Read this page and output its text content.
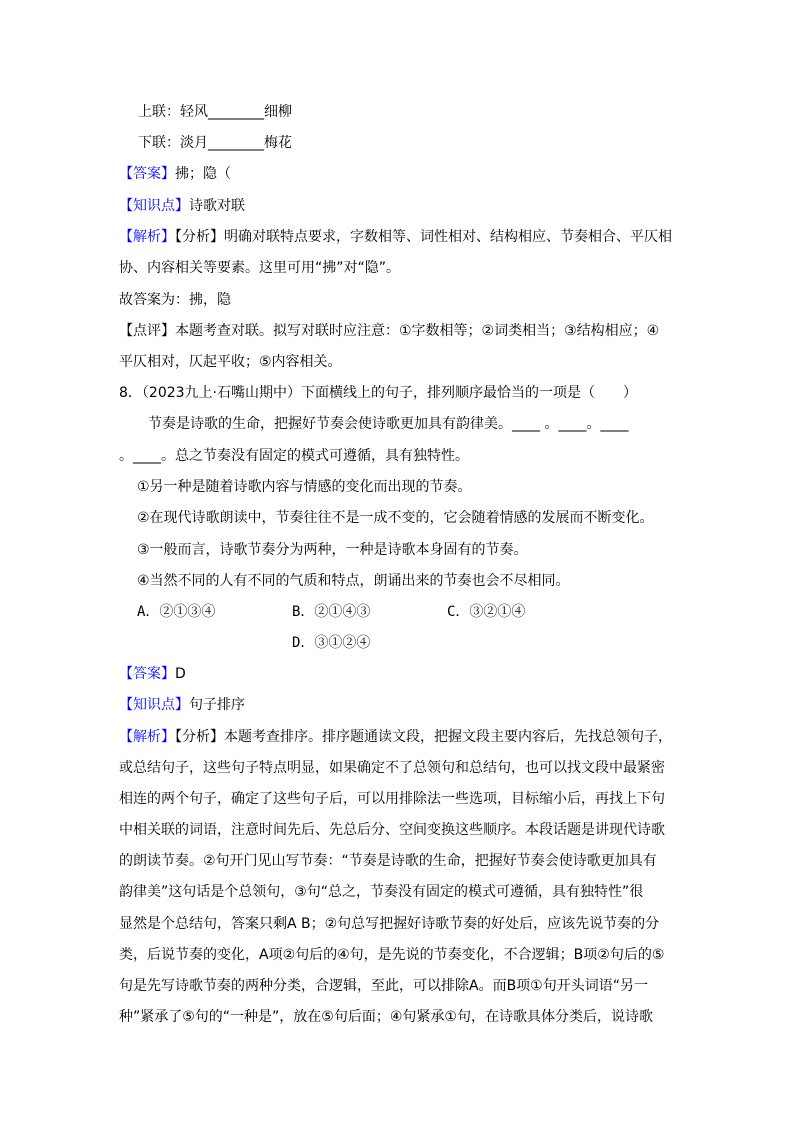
上联：轻风________细柳
下联：淡月________梅花
【答案】拂；隐（
【知识点】诗歌对联
【解析】【分析】明确对联特点要求，字数相等、词性相对、结构相应、节奏相合、平仄相
协、内容相关等要素。这里可用“拂”对“隐”。
故答案为：拂，隐
【点评】本题考查对联。拟写对联时应注意：①字数相等；②词类相当；③结构相应；④
平仄相对，仄起平收；⑤内容相关。
8．（2023九上·石嘴山期中）下面横线上的句子，排列顺序最恰当的一项是（　　）
节奏是诗歌的生命，把握好节奏会使诗歌更加具有韵律美。____ 。____。____
。____。总之节奏没有固定的模式可遵循，具有独特性。
①另一种是随着诗歌内容与情感的变化而出现的节奏。
②在现代诗歌朗读中，节奏往往不是一成不变的，它会随着情感的发展而不断变化。
③一般而言，诗歌节奏分为两种，一种是诗歌本身固有的节奏。
④当然不同的人有不同的气质和特点，朗诵出来的节奏也会不尽相同。
A．②①③④	B．②①④③	C．③②①④
D．③①②④
【答案】D
【知识点】句子排序
【解析】【分析】本题考查排序。排序题通读文段，把握文段主要内容后，先找总领句子，
或总结句子，这些句子特点明显，如果确定不了总领句和总结句，也可以找文段中最紧密
相连的两个句子，确定了这些句子后，可以用排除法一些选项，目标缩小后，再找上下句
中相关联的词语，注意时间先后、先总后分、空间变换这些顺序。本段话题是讲现代诗歌
的朗读节奏。②句开门见山写节奏：“节奏是诗歌的生命，把握好节奏会使诗歌更加具有
韵律美”这句话是个总领句，③句“总之，节奏没有固定的模式可遵循，具有独特性”很
显然是个总结句，答案只剩A B；②句总写把握好诗歌节奏的好处后，应该先说节奏的分
类，后说节奏的变化，A项②句后的④句，是先说的节奏变化，不合逻辑；B项②句后的⑤
句是先写诗歌节奏的两种分类，合逻辑，至此，可以排除A。而B项①句开头词语“另一
种”紧承了⑤句的“一种是”，放在⑤句后面；④句紧承①句，在诗歌具体分类后，说诗歌
